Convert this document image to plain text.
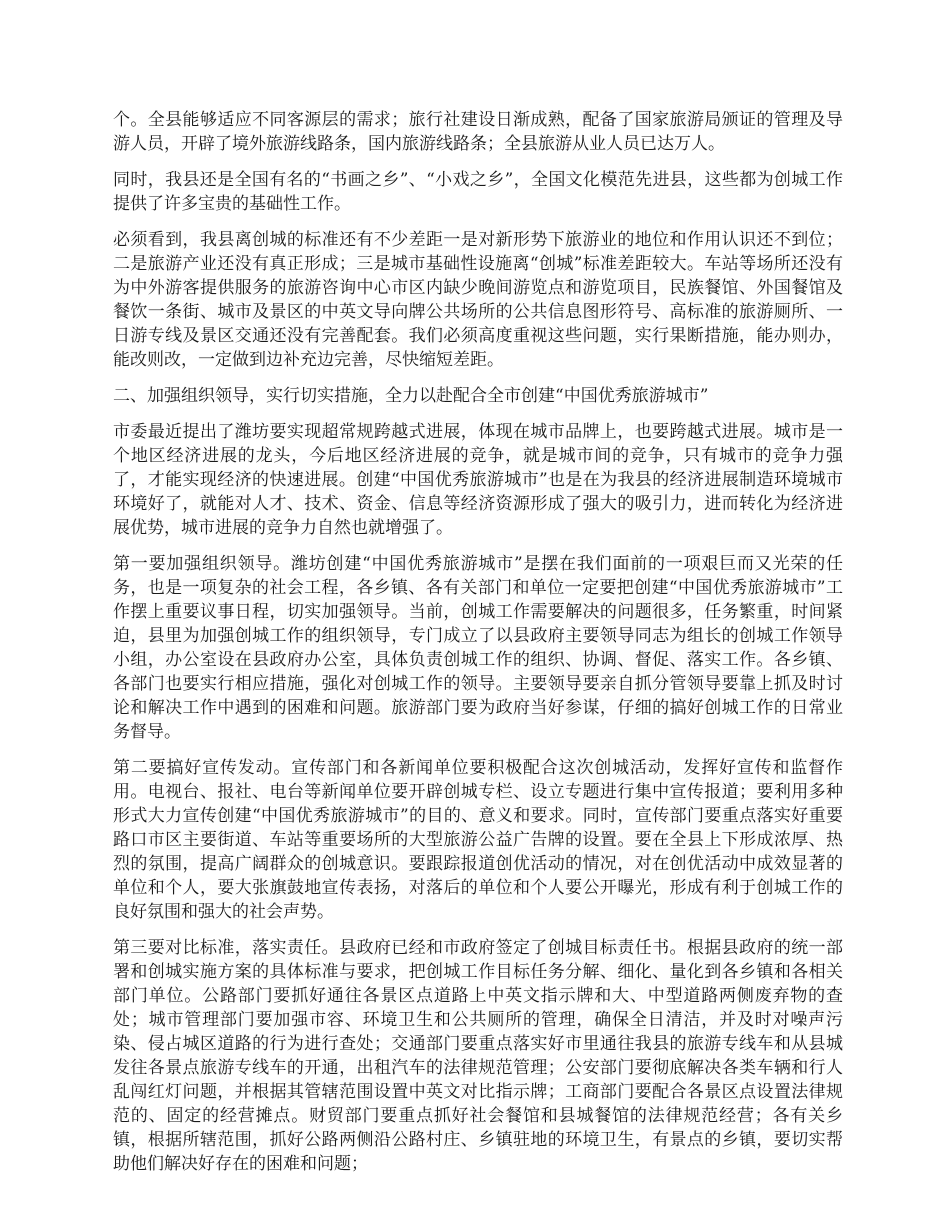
个。全县能够适应不同客源层的需求；旅行社建设日渐成熟，配备了国家旅游局颁证的管理及导游人员，开辟了境外旅游线路条，国内旅游线路条；全县旅游从业人员已达万人。

同时，我县还是全国有名的“书画之乡”、“小戏之乡”，全国文化模范先进县，这些都为创城工作提供了许多宝贵的基础性工作。

必须看到，我县离创城的标准还有不少差距一是对新形势下旅游业的地位和作用认识还不到位；二是旅游产业还没有真正形成；三是城市基础性设施离“创城”标准差距较大。车站等场所还没有为中外游客提供服务的旅游咨询中心市区内缺少晚间游览点和游览项目，民族餐馆、外国餐馆及餐饮一条街、城市及景区的中英文导向牌公共场所的公共信息图形符号、高标准的旅游厕所、一日游专线及景区交通还没有完善配套。我们必须高度重视这些问题，实行果断措施，能办则办，能改则改，一定做到边补充边完善，尽快缩短差距。

二、加强组织领导，实行切实措施，全力以赴配合全市创建“中国优秀旅游城市”

市委最近提出了潍坊要实现超常规跨越式进展，体现在城市品牌上，也要跨越式进展。城市是一个地区经济进展的龙头，今后地区经济进展的竞争，就是城市间的竞争，只有城市的竞争力强了，才能实现经济的快速进展。创建“中国优秀旅游城市”也是在为我县的经济进展制造环境城市环境好了，就能对人才、技术、资金、信息等经济资源形成了强大的吸引力，进而转化为经济进展优势，城市进展的竞争力自然也就增强了。

第一要加强组织领导。潍坊创建“中国优秀旅游城市”是摆在我们面前的一项艰巨而又光荣的任务，也是一项复杂的社会工程，各乡镇、各有关部门和单位一定要把创建“中国优秀旅游城市”工作摆上重要议事日程，切实加强领导。当前，创城工作需要解决的问题很多，任务繁重，时间紧迫，县里为加强创城工作的组织领导，专门成立了以县政府主要领导同志为组长的创城工作领导小组，办公室设在县政府办公室，具体负责创城工作的组织、协调、督促、落实工作。各乡镇、各部门也要实行相应措施，强化对创城工作的领导。主要领导要亲自抓分管领导要靠上抓及时讨论和解决工作中遇到的困难和问题。旅游部门要为政府当好参谋，仔细的搞好创城工作的日常业务督导。

第二要搞好宣传发动。宣传部门和各新闻单位要积极配合这次创城活动，发挥好宣传和监督作用。电视台、报社、电台等新闻单位要开辟创城专栏、设立专题进行集中宣传报道；要利用多种形式大力宣传创建“中国优秀旅游城市”的目的、意义和要求。同时，宣传部门要重点落实好重要路口市区主要街道、车站等重要场所的大型旅游公益广告牌的设置。要在全县上下形成浓厚、热烈的氛围，提高广阔群众的创城意识。要跟踪报道创优活动的情况，对在创优活动中成效显著的单位和个人，要大张旗鼓地宣传表扬，对落后的单位和个人要公开曝光，形成有利于创城工作的良好氛围和强大的社会声势。

第三要对比标准，落实责任。县政府已经和市政府签定了创城目标责任书。根据县政府的统一部署和创城实施方案的具体标准与要求，把创城工作目标任务分解、细化、量化到各乡镇和各相关部门单位。公路部门要抓好通往各景区点道路上中英文指示牌和大、中型道路两侧废弃物的查处；城市管理部门要加强市容、环境卫生和公共厕所的管理，确保全日清洁，并及时对噪声污染、侵占城区道路的行为进行查处；交通部门要重点落实好市里通往我县的旅游专线车和从县城发往各景点旅游专线车的开通，出租汽车的法律规范管理；公安部门要彻底解决各类车辆和行人乱闯红灯问题，并根据其管辖范围设置中英文对比指示牌；工商部门要配合各景区点设置法律规范的、固定的经营摊点。财贸部门要重点抓好社会餐馆和县城餐馆的法律规范经营；各有关乡镇，根据所辖范围，抓好公路两侧沿公路村庄、乡镇驻地的环境卫生，有景点的乡镇，要切实帮助他们解决好存在的困难和问题；
